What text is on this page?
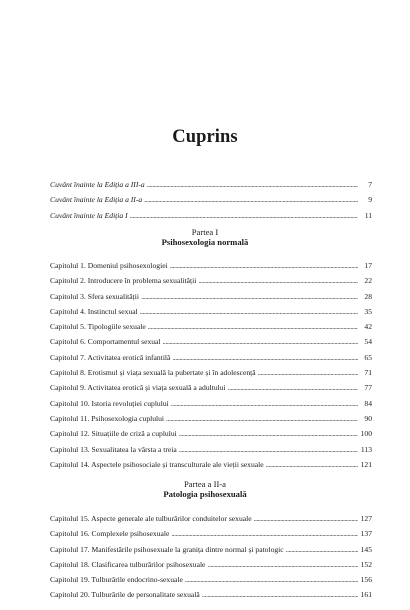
Cuprins
Cuvânt înainte la Ediția a III-a . . .	7
Cuvânt înainte la Ediția a II-a . . .	9
Cuvânt înainte la Ediția I . . .	11
Partea I
Psihosexologia normală
Capitolul 1. Domeniul psihosexologiei . . .	17
Capitolul 2. Introducere în problema sexualității . . .	22
Capitolul 3. Sfera sexualității . . .	28
Capitolul 4. Instinctul sexual . . .	35
Capitolul 5. Tipologiile sexuale . . .	42
Capitolul 6. Comportamentul sexual . . .	54
Capitolul 7. Activitatea erotică infantilă . . .	65
Capitolul 8. Erotismul și viața sexuală la pubertate și în adolescență . . .	71
Capitolul 9. Activitatea erotică și viața sexuală a adultului . . .	77
Capitolul 10. Istoria revoluției cuplului . . .	84
Capitolul 11. Psihosexologia cuplului . . .	90
Capitolul 12. Situațiile de criză a cuplului . . .	100
Capitolul 13. Sexualitatea la vârsta a treia . . .	113
Capitolul 14. Aspectele psihosociale și transculturale ale vieții sexuale . . .	121
Partea a II-a
Patologia psihosexuală
Capitolul 15. Aspecte generale ale tulburărilor conduitelor sexuale . . .	127
Capitolul 16. Complexele psihosexuale . . .	137
Capitolul 17. Manifestările psihosexuale la granița dintre normal și patologic . . .	145
Capitolul 18. Clasificarea tulburărilor psihosexuale . . .	152
Capitolul 19. Tulburările endocrino-sexuale . . .	156
Capitolul 20. Tulburările de personalitate sexuală . . .	161
